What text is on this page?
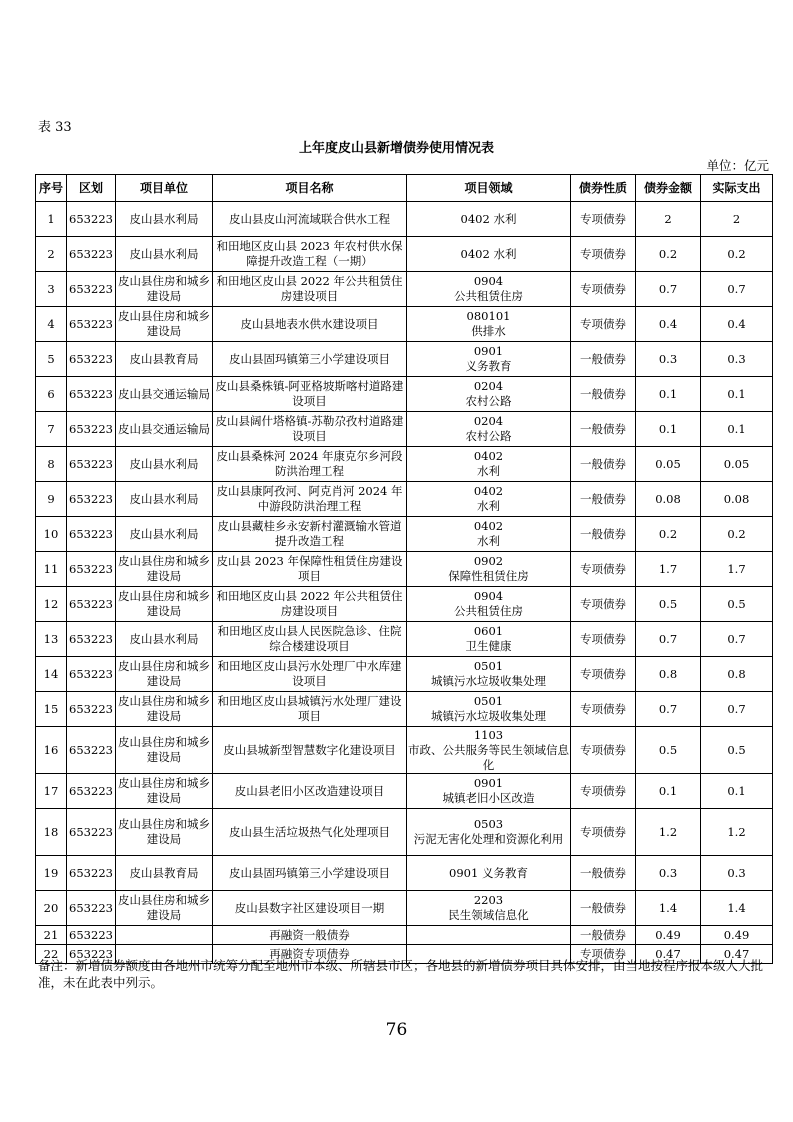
表 33
上年度皮山县新增债券使用情况表
单位：亿元
序号	区划	项目单位	项目名称	项目领域	债券性质	债券金额	实际支出
1	653223	皮山县水利局	皮山县皮山河流域联合供水工程	0402 水利	专项债券	2	2
2	653223	皮山县水利局	和田地区皮山县 2023 年农村供水保障提升改造工程（一期）	0402 水利	专项债券	0.2	0.2
3	653223	皮山县住房和城乡建设局	和田地区皮山县 2022 年公共租赁住房建设项目	0904
公共租赁住房	专项债券	0.7	0.7
4	653223	皮山县住房和城乡建设局	皮山县地表水供水建设项目	080101
供排水	专项债券	0.4	0.4
5	653223	皮山县教育局	皮山县固玛镇第三小学建设项目	0901
义务教育	一般债券	0.3	0.3
6	653223	皮山县交通运输局	皮山县桑株镇-阿亚格坡斯喀村道路建设项目	0204
农村公路	一般债券	0.1	0.1
7	653223	皮山县交通运输局	皮山县阔什塔格镇-苏勒尕孜村道路建设项目	0204
农村公路	一般债券	0.1	0.1
8	653223	皮山县水利局	皮山县桑株河 2024 年康克尔乡河段防洪治理工程	0402
水利	一般债券	0.05	0.05
9	653223	皮山县水利局	皮山县康阿孜河、阿克肖河 2024 年中游段防洪治理工程	0402
水利	一般债券	0.08	0.08
10	653223	皮山县水利局	皮山县藏桂乡永安新村灌溉输水管道提升改造工程	0402
水利	一般债券	0.2	0.2
11	653223	皮山县住房和城乡建设局	皮山县 2023 年保障性租赁住房建设项目	0902
保障性租赁住房	专项债券	1.7	1.7
12	653223	皮山县住房和城乡建设局	和田地区皮山县 2022 年公共租赁住房建设项目	0904
公共租赁住房	专项债券	0.5	0.5
13	653223	皮山县水利局	和田地区皮山县人民医院急诊、住院综合楼建设项目	0601
卫生健康	专项债券	0.7	0.7
14	653223	皮山县住房和城乡建设局	和田地区皮山县污水处理厂中水库建设项目	0501
城镇污水垃圾收集处理	专项债券	0.8	0.8
15	653223	皮山县住房和城乡建设局	和田地区皮山县城镇污水处理厂建设项目	0501
城镇污水垃圾收集处理	专项债券	0.7	0.7
16	653223	皮山县住房和城乡建设局	皮山县城新型智慧数字化建设项目	1103
市政、公共服务等民生领域信息化	专项债券	0.5	0.5
17	653223	皮山县住房和城乡建设局	皮山县老旧小区改造建设项目	0901
城镇老旧小区改造	专项债券	0.1	0.1
18	653223	皮山县住房和城乡建设局	皮山县生活垃圾热气化处理项目	0503
污泥无害化处理和资源化利用	专项债券	1.2	1.2
19	653223	皮山县教育局	皮山县固玛镇第三小学建设项目	0901 义务教育	一般债券	0.3	0.3
20	653223	皮山县住房和城乡建设局	皮山县数字社区建设项目一期	2203
民生领域信息化	一般债券	1.4	1.4
21	653223		再融资一般债券		一般债券	0.49	0.49
22	653223		再融资专项债券		专项债券	0.47	0.47
备注：新增债券额度由各地州市统筹分配至地州市本级、所辖县市区；各地县的新增债券项目具体安排，由当地按程序报本级人大批准，未在此表中列示。
76
